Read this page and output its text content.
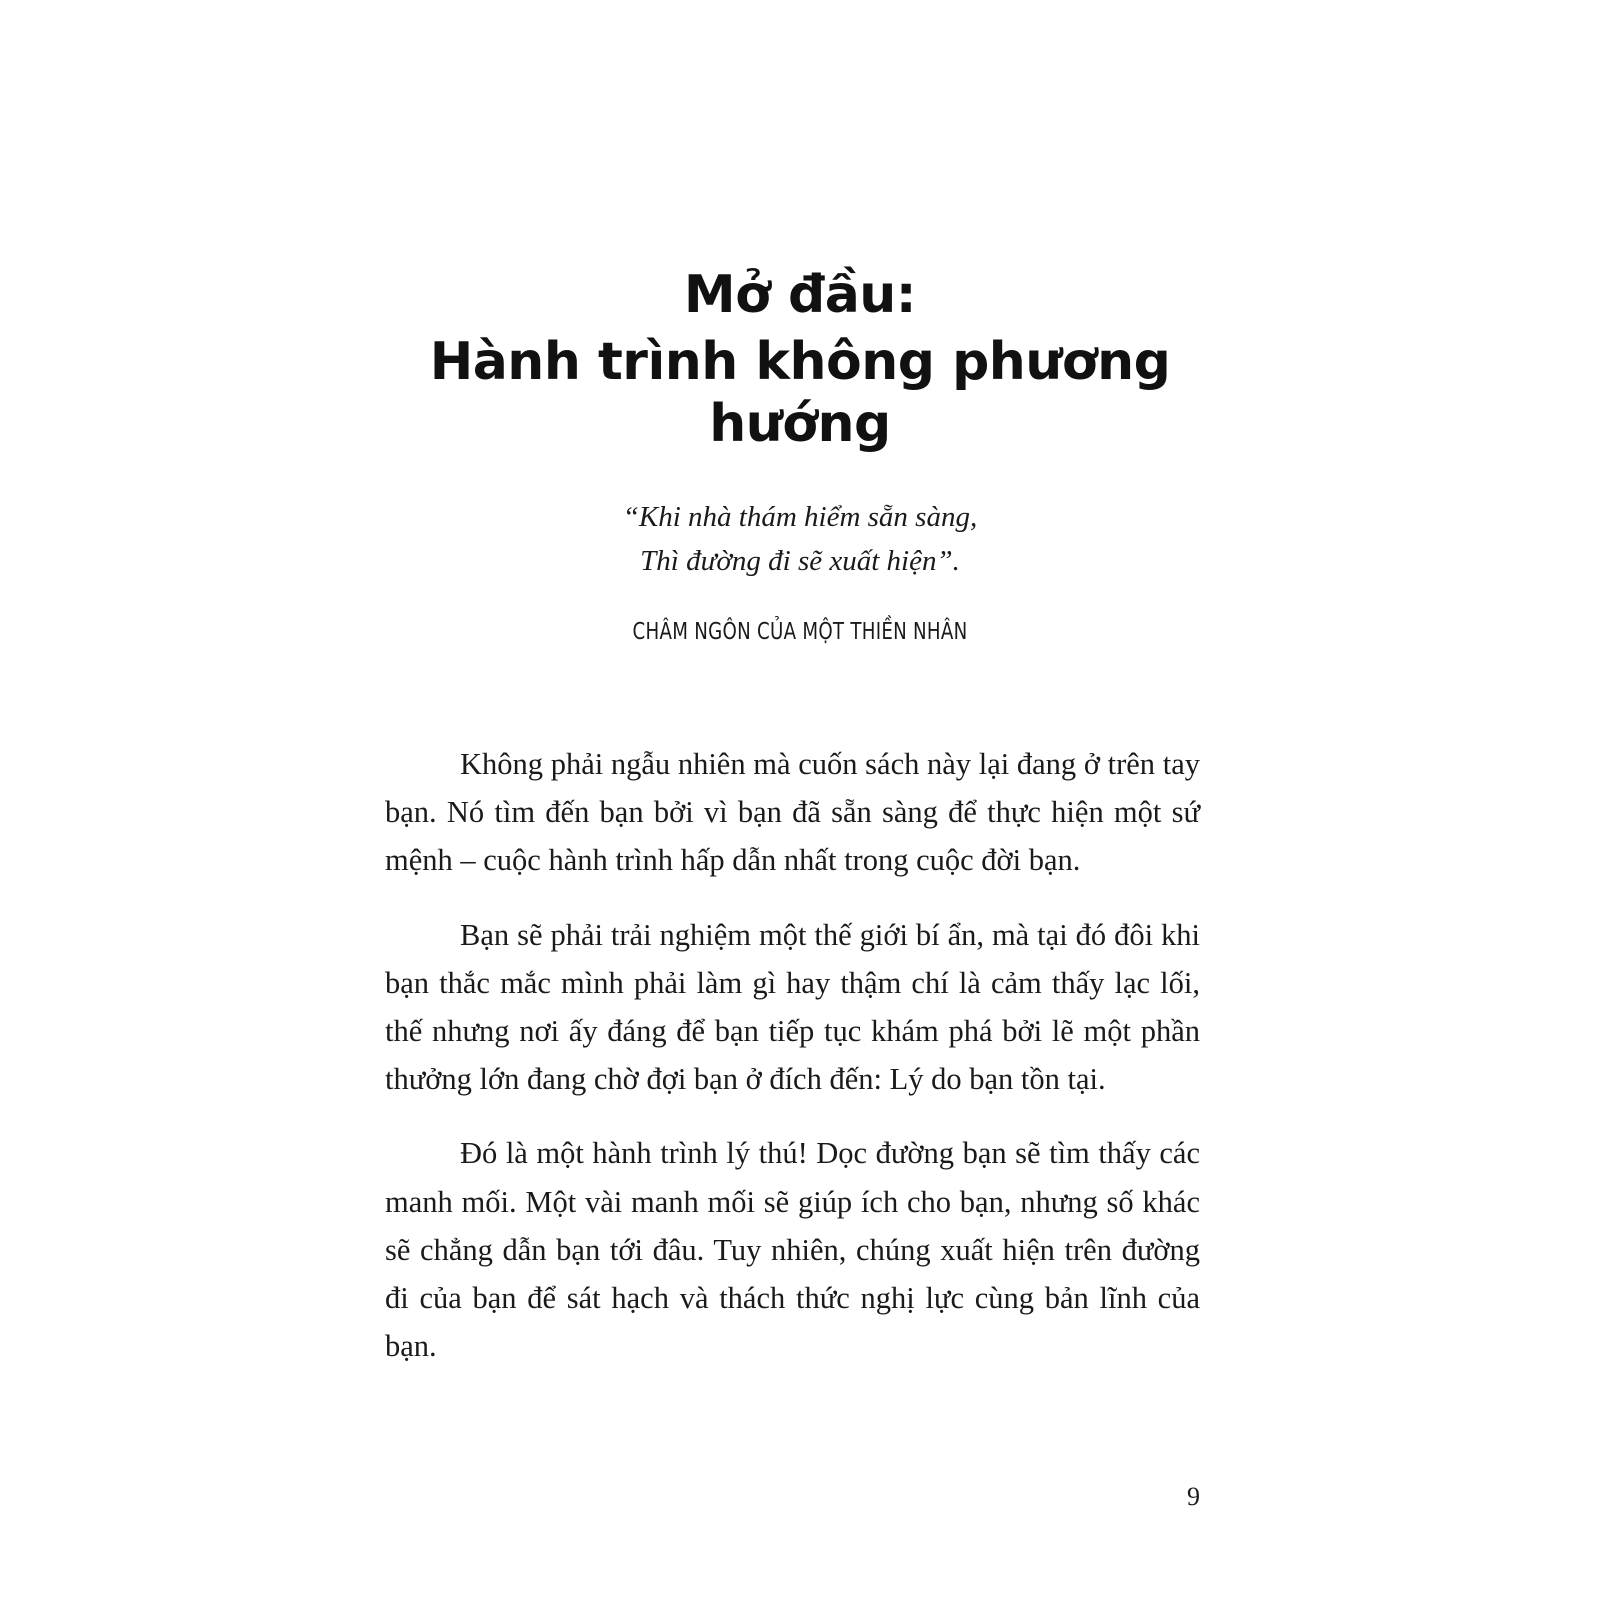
Mở đầu:
Hành trình không phương hướng

“Khi nhà thám hiểm sẵn sàng,

Thì đường đi sẽ xuất hiện”.

CHÂM NGÔN CỦA MỘT THIỀN NHÂN

Không phải ngẫu nhiên mà cuốn sách này lại đang ở trên tay bạn. Nó tìm đến bạn bởi vì bạn đã sẵn sàng để thực hiện một sứ mệnh – cuộc hành trình hấp dẫn nhất trong cuộc đời bạn.

Bạn sẽ phải trải nghiệm một thế giới bí ẩn, mà tại đó đôi khi bạn thắc mắc mình phải làm gì hay thậm chí là cảm thấy lạc lối, thế nhưng nơi ấy đáng để bạn tiếp tục khám phá bởi lẽ một phần thưởng lớn đang chờ đợi bạn ở đích đến: Lý do bạn tồn tại.

Đó là một hành trình lý thú! Dọc đường bạn sẽ tìm thấy các manh mối. Một vài manh mối sẽ giúp ích cho bạn, nhưng số khác sẽ chẳng dẫn bạn tới đâu. Tuy nhiên, chúng xuất hiện trên đường đi của bạn để sát hạch và thách thức nghị lực cùng bản lĩnh của bạn.

9
